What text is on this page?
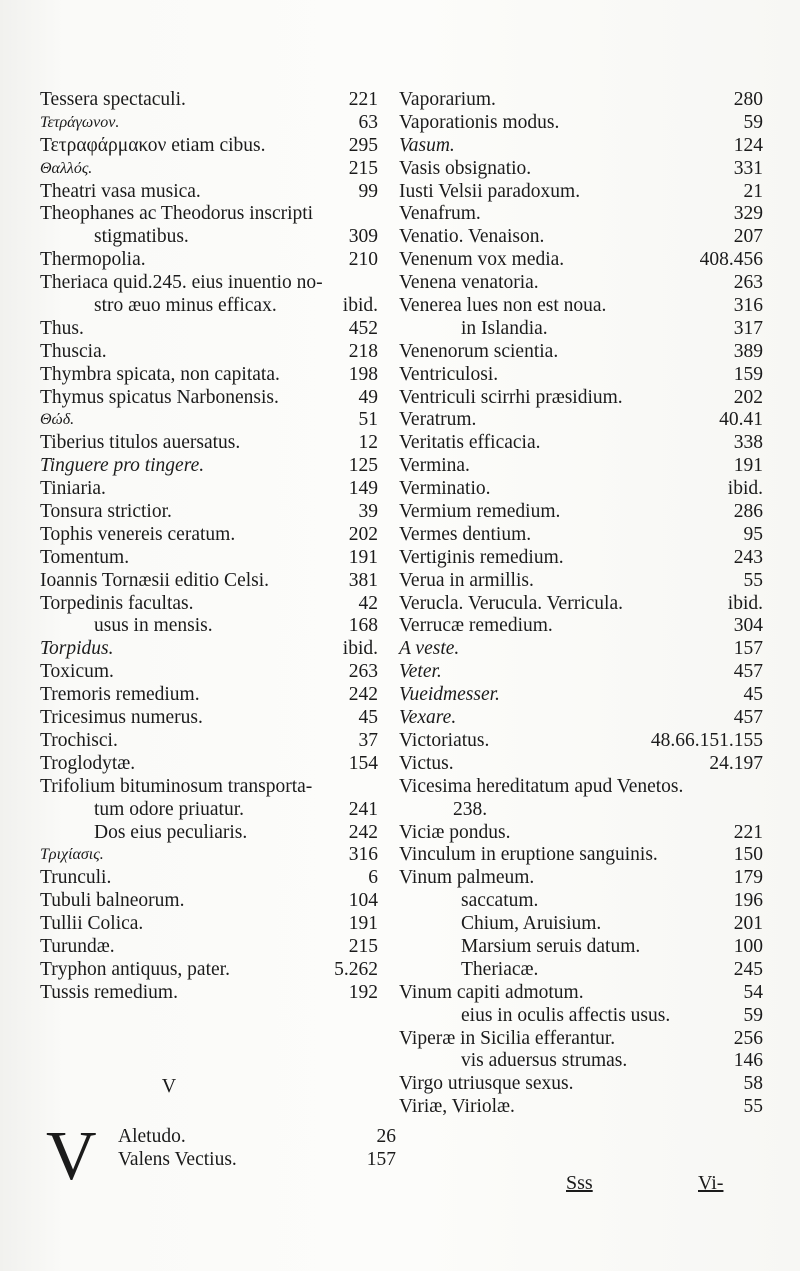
Tessera spectaculi.	221
Τετράγωνον.	63
Τετραφάρμακον etiam cibus.	295
Θαλλός.	215
Theatri vasa musica.	99
Theophanes ac Theodorus inscripti
stigmatibus.	309
Thermopolia.	210
Theriaca quid.245. eius inuentio no-
stro æuo minus efficax.	ibid.
Thus.	452
Thuscia.	218
Thymbra spicata, non capitata.	198
Thymus spicatus Narbonensis.	49
Θώδ.	51
Tiberius titulos auersatus.	12
Tinguere pro tingere.	125
Tiniaria.	149
Tonsura strictior.	39
Tophis venereis ceratum.	202
Tomentum.	191
Ioannis Tornæsii editio Celsi.	381
Torpedinis facultas.	42
usus in mensis.	168
Torpidus.	ibid.
Toxicum.	263
Tremoris remedium.	242
Tricesimus numerus.	45
Trochisci.	37
Troglodytæ.	154
Trifolium bituminosum transporta-
tum odore priuatur.	241
Dos eius peculiaris.	242
Τριχίασις.	316
Trunculi.	6
Tubuli balneorum.	104
Tullii Colica.	191
Turundæ.	215
Tryphon antiquus, pater.	5.262
Tussis remedium.	192
Vaporarium.	280
Vaporationis modus.	59
Vasum.	124
Vasis obsignatio.	331
Iusti Velsii paradoxum.	21
Venafrum.	329
Venatio. Venaison.	207
Venenum vox media.	408.456
Venena venatoria.	263
Venerea lues non est noua.	316
in Islandia.	317
Venenorum scientia.	389
Ventriculosi.	159
Ventriculi scirrhi præsidium.	202
Veratrum.	40.41
Veritatis efficacia.	338
Vermina.	191
Verminatio.	ibid.
Vermium remedium.	286
Vermes dentium.	95
Vertiginis remedium.	243
Verua in armillis.	55
Verucla. Verucula. Verricula.	ibid.
Verrucæ remedium.	304
A veste.	157
Veter.	457
Vueidmesser.	45
Vexare.	457
Victoriatus.	48.66.151.155
Victus.	24.197
Vicesima hereditatum apud Venetos.
238.
Viciæ pondus.	221
Vinculum in eruptione sanguinis.	150
Vinum palmeum.	179
saccatum.	196
Chium, Aruisium.	201
Marsium seruis datum.	100
Theriacæ.	245
Vinum capiti admotum.	54
eius in oculis affectis usus.	59
Viperæ in Sicilia efferantur.	256
vis aduersus strumas.	146
Virgo utriusque sexus.	58
Viriæ, Viriolæ.	55
V
V Aletudo.	26
Valens Vectius.	157
Sss	Vi-
